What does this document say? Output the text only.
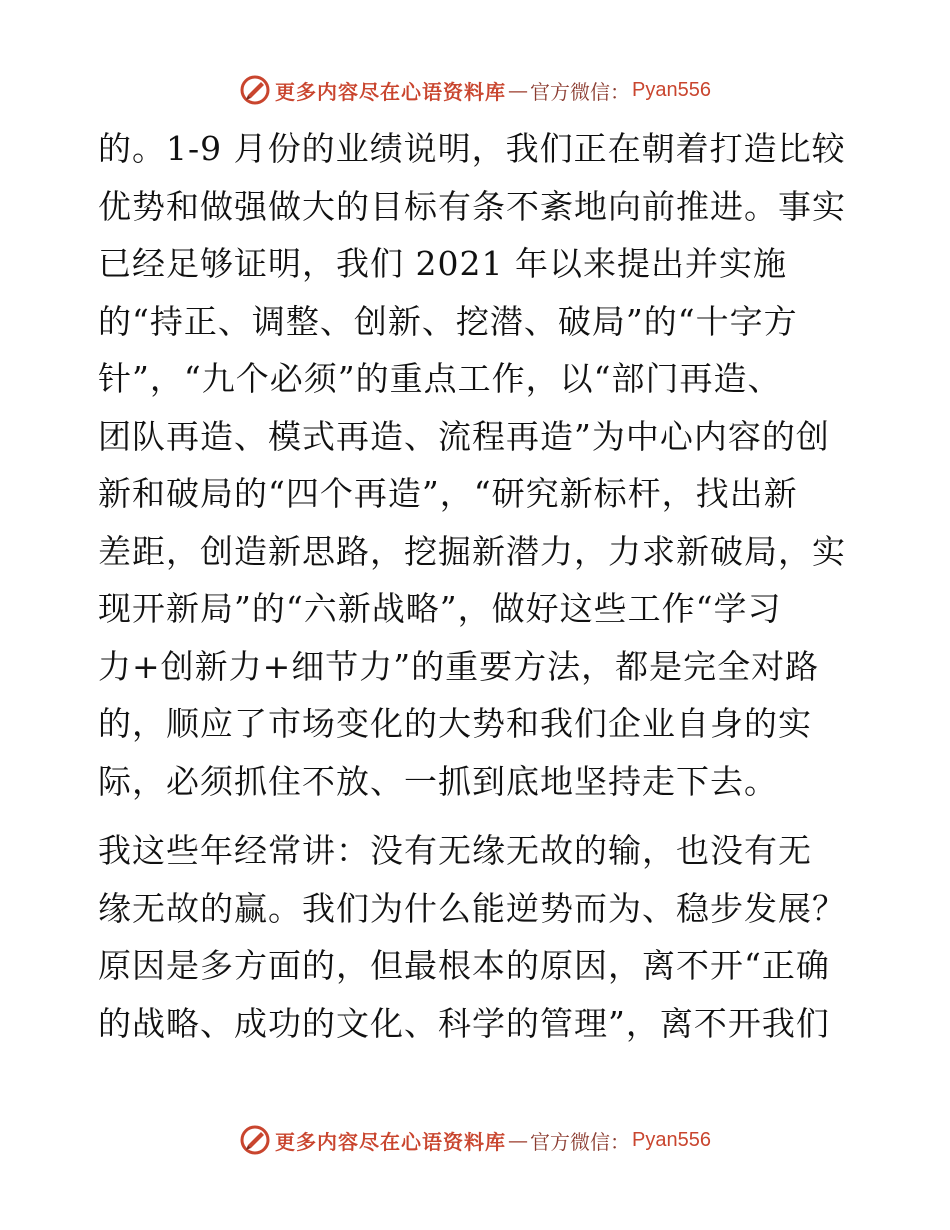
更多内容尽在心语资料库 — 官方微信： Pyan556
的。1-9 月份的业绩说明，我们正在朝着打造比较
优势和做强做大的目标有条不紊地向前推进。事实
已经足够证明，我们 2021 年以来提出并实施
的“持正、调整、创新、挖潜、破局”的“十字方
针”，“九个必须”的重点工作，以“部门再造、
团队再造、模式再造、流程再造”为中心内容的创
新和破局的“四个再造”，“研究新标杆，找出新
差距，创造新思路，挖掘新潜力，力求新破局，实
现开新局”的“六新战略”，做好这些工作“学习
力+创新力+细节力”的重要方法，都是完全对路
的，顺应了市场变化的大势和我们企业自身的实
际，必须抓住不放、一抓到底地坚持走下去。
我这些年经常讲：没有无缘无故的输，也没有无
缘无故的赢。我们为什么能逆势而为、稳步发展？
原因是多方面的，但最根本的原因，离不开“正确
的战略、成功的文化、科学的管理”，离不开我们
更多内容尽在心语资料库 — 官方微信： Pyan556
